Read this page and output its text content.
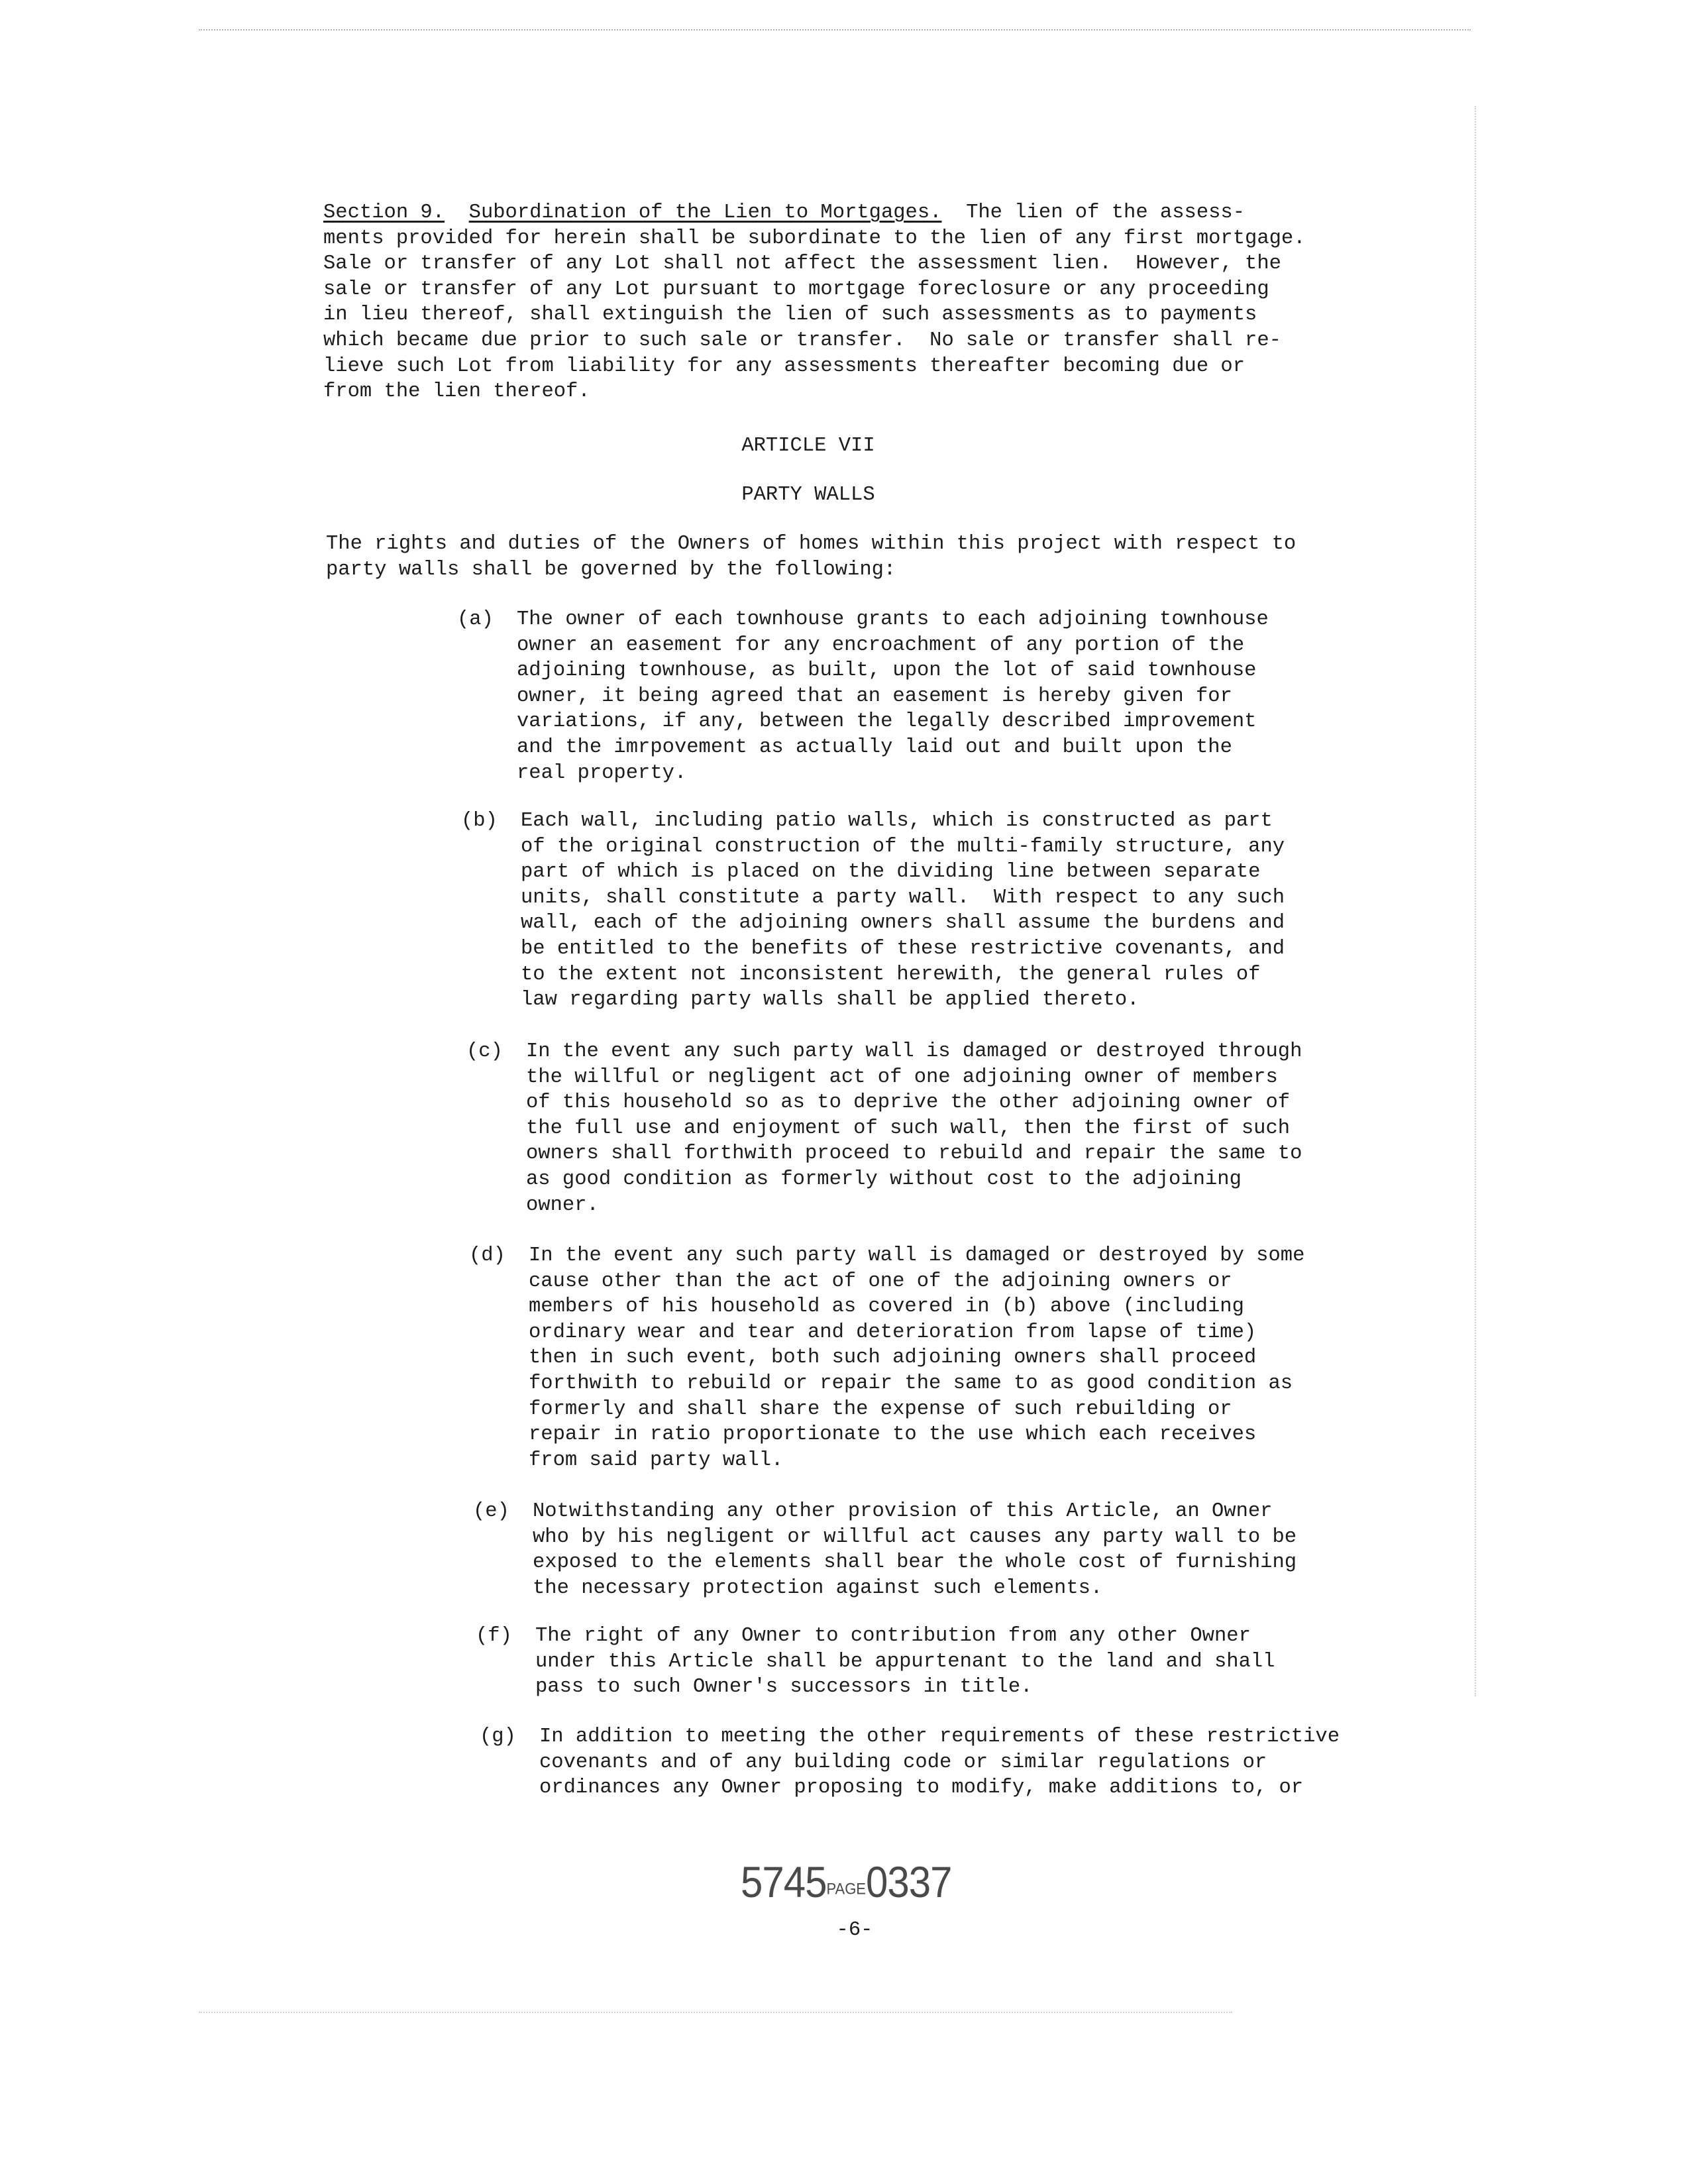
Section 9. Subordination of the Lien to Mortgages.  The lien of the assess-
ments provided for herein shall be subordinate to the lien of any first mortgage.
Sale or transfer of any Lot shall not affect the assessment lien.  However, the
sale or transfer of any Lot pursuant to mortgage foreclosure or any proceeding
in lieu thereof, shall extinguish the lien of such assessments as to payments
which became due prior to such sale or transfer.  No sale or transfer shall re-
lieve such Lot from liability for any assessments thereafter becoming due or
from the lien thereof.
ARTICLE VII
PARTY WALLS
The rights and duties of the Owners of homes within this project with respect to
party walls shall be governed by the following:
(a) The owner of each townhouse grants to each adjoining townhouse
owner an easement for any encroachment of any portion of the
adjoining townhouse, as built, upon the lot of said townhouse
owner, it being agreed that an easement is hereby given for
variations, if any, between the legally described improvement
and the imrpovement as actually laid out and built upon the
real property.
(b) Each wall, including patio walls, which is constructed as part
of the original construction of the multi-family structure, any
part of which is placed on the dividing line between separate
units, shall constitute a party wall.  With respect to any such
wall, each of the adjoining owners shall assume the burdens and
be entitled to the benefits of these restrictive covenants, and
to the extent not inconsistent herewith, the general rules of
law regarding party walls shall be applied thereto.
(c) In the event any such party wall is damaged or destroyed through
the willful or negligent act of one adjoining owner of members
of this household so as to deprive the other adjoining owner of
the full use and enjoyment of such wall, then the first of such
owners shall forthwith proceed to rebuild and repair the same to
as good condition as formerly without cost to the adjoining
owner.
(d) In the event any such party wall is damaged or destroyed by some
cause other than the act of one of the adjoining owners or
members of his household as covered in (b) above (including
ordinary wear and tear and deterioration from lapse of time)
then in such event, both such adjoining owners shall proceed
forthwith to rebuild or repair the same to as good condition as
formerly and shall share the expense of such rebuilding or
repair in ratio proportionate to the use which each receives
from said party wall.
(e) Notwithstanding any other provision of this Article, an Owner
who by his negligent or willful act causes any party wall to be
exposed to the elements shall bear the whole cost of furnishing
the necessary protection against such elements.
(f) The right of any Owner to contribution from any other Owner
under this Article shall be appurtenant to the land and shall
pass to such Owner's successors in title.
(g) In addition to meeting the other requirements of these restrictive
covenants and of any building code or similar regulations or
ordinances any Owner proposing to modify, make additions to, or
5745PAGE0337
-6-
